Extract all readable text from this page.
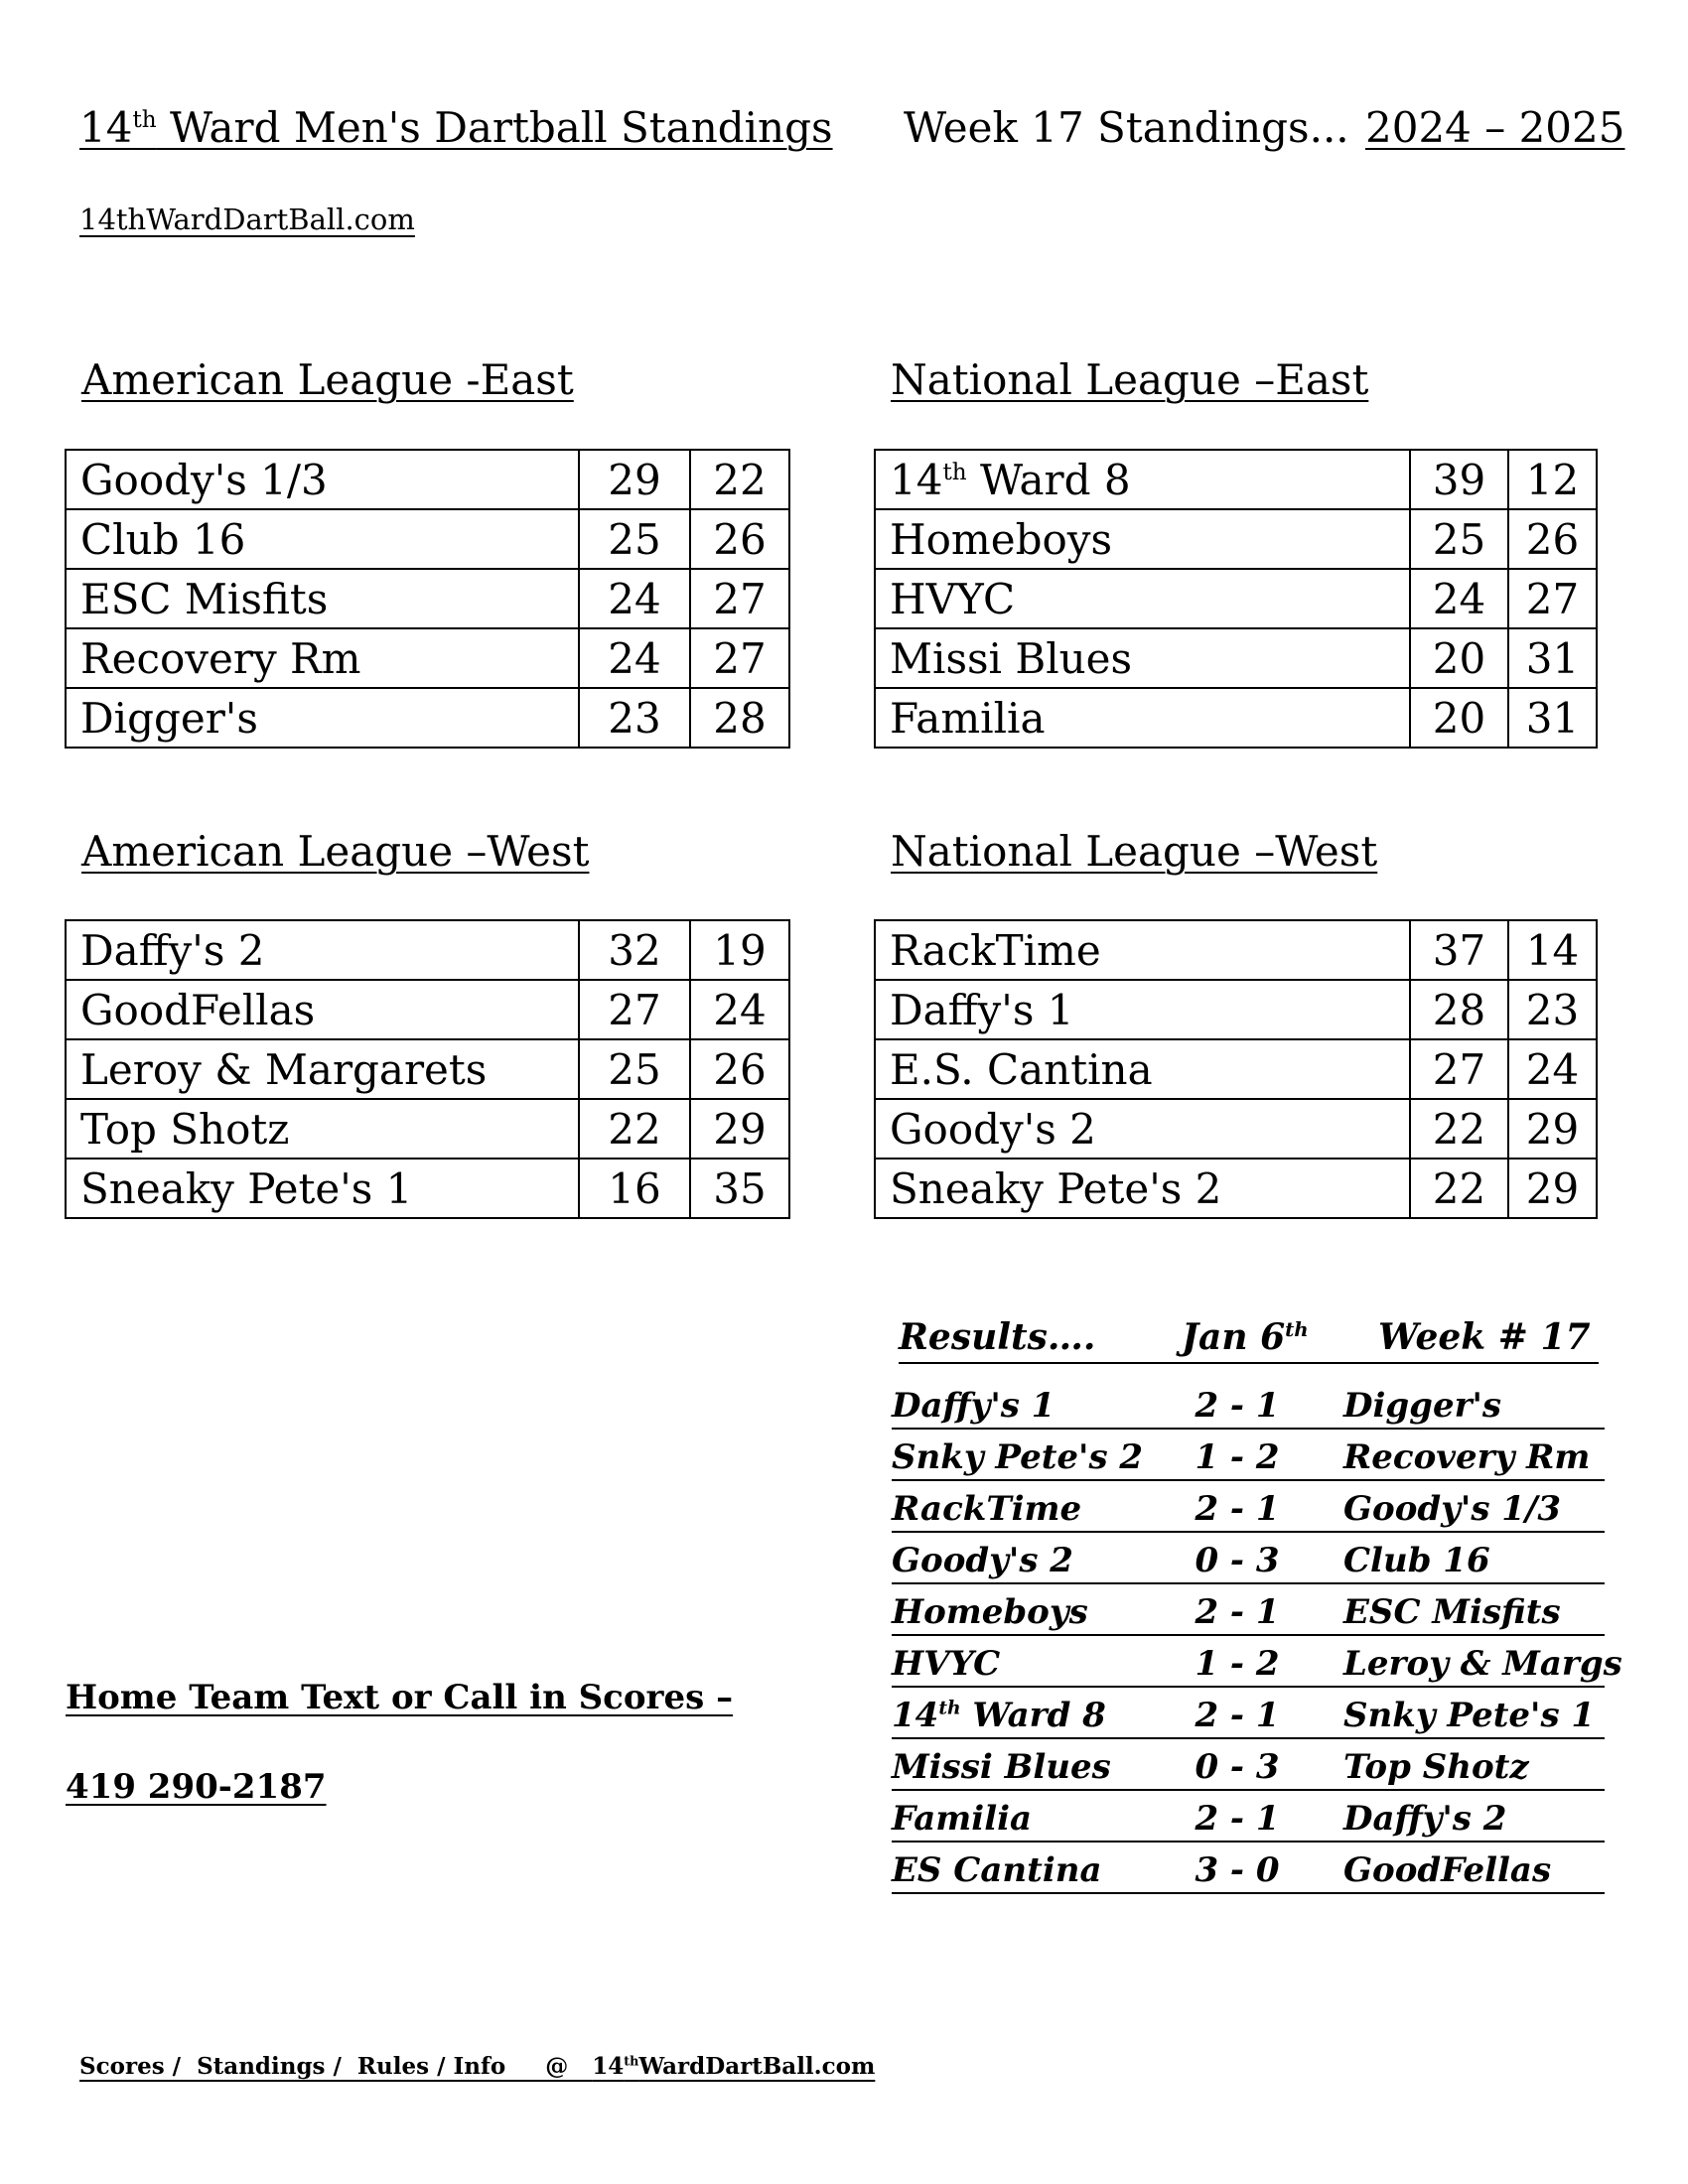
14th Ward Men's Dartball Standings Week 17 Standings... 2024 – 2025
14thWardDartBall.com
American League -East
Goody's 1/3	29	22
Club 16	25	26
ESC Misfits	24	27
Recovery Rm	24	27
Digger's	23	28
National League –East
14th Ward 8	39	12
Homeboys	25	26
HVYC	24	27
Missi Blues	20	31
Familia	20	31
American League –West
Daffy's 2	32	19
GoodFellas	27	24
Leroy & Margarets	25	26
Top Shotz	22	29
Sneaky Pete's 1	16	35
National League –West
RackTime	37	14
Daffy's 1	28	23
E.S. Cantina	27	24
Goody's 2	22	29
Sneaky Pete's 2	22	29
Results…. Jan 6th Week # 17
Daffy's 1	2 - 1	Digger's
Snky Pete's 2	1 - 2	Recovery Rm
RackTime	2 - 1	Goody's 1/3
Goody's 2	0 - 3	Club 16
Homeboys	2 - 1	ESC Misfits
HVYC	1 - 2	Leroy & Margs
14th Ward 8	2 - 1	Snky Pete's 1
Missi Blues	0 - 3	Top Shotz
Familia	2 - 1	Daffy's 2
ES Cantina	3 - 0	GoodFellas
Home Team Text or Call in Scores –
419 290-2187
Scores /  Standings /  Rules / Info     @   14thWardDartBall.com
